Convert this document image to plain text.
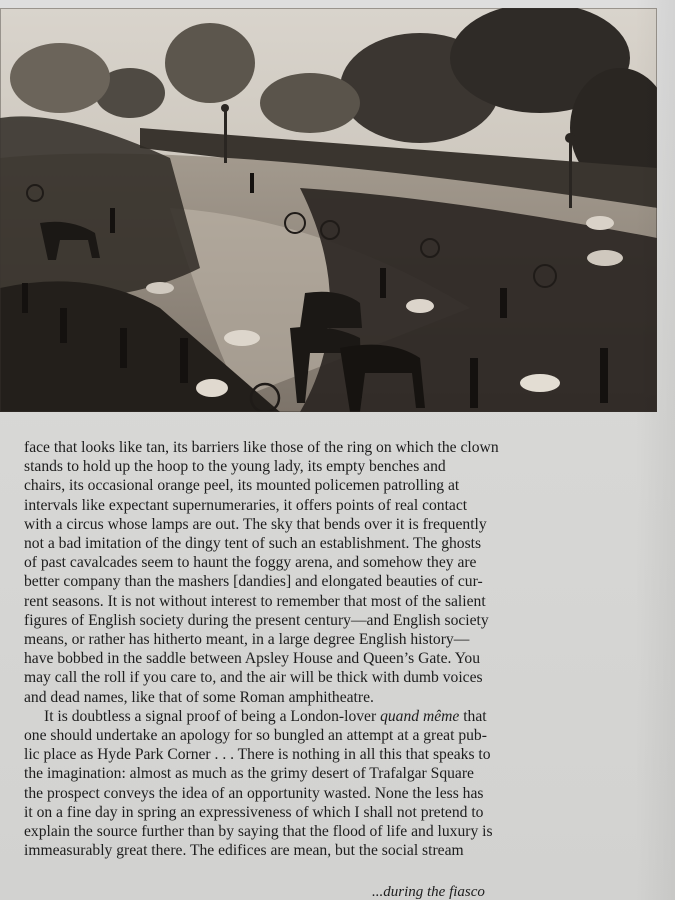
face that looks like tan, its barriers like those of the ring on which the clown
stands to hold up the hoop to the young lady, its empty benches and
chairs, its occasional orange peel, its mounted policemen patrolling at
intervals like expectant supernumeraries, it offers points of real contact
with a circus whose lamps are out. The sky that bends over it is frequently
not a bad imitation of the dingy tent of such an establishment. The ghosts
of past cavalcades seem to haunt the foggy arena, and somehow they are
better company than the mashers [dandies] and elongated beauties of cur-
rent seasons. It is not without interest to remember that most of the salient
figures of English society during the present century—and English society
means, or rather has hitherto meant, in a large degree English history—
have bobbed in the saddle between Apsley House and Queen’s Gate. You
may call the roll if you care to, and the air will be thick with dumb voices
and dead names, like that of some Roman amphitheatre.

It is doubtless a signal proof of being a London-lover quand même that
one should undertake an apology for so bungled an attempt at a great pub-
lic place as Hyde Park Corner . . . There is nothing in all this that speaks to
the imagination: almost as much as the grimy desert of Trafalgar Square
the prospect conveys the idea of an opportunity wasted. None the less has
it on a fine day in spring an expressiveness of which I shall not pretend to
explain the source further than by saying that the flood of life and luxury is
immeasurably great there. The edifices are mean, but the social stream

...during the fiasco
